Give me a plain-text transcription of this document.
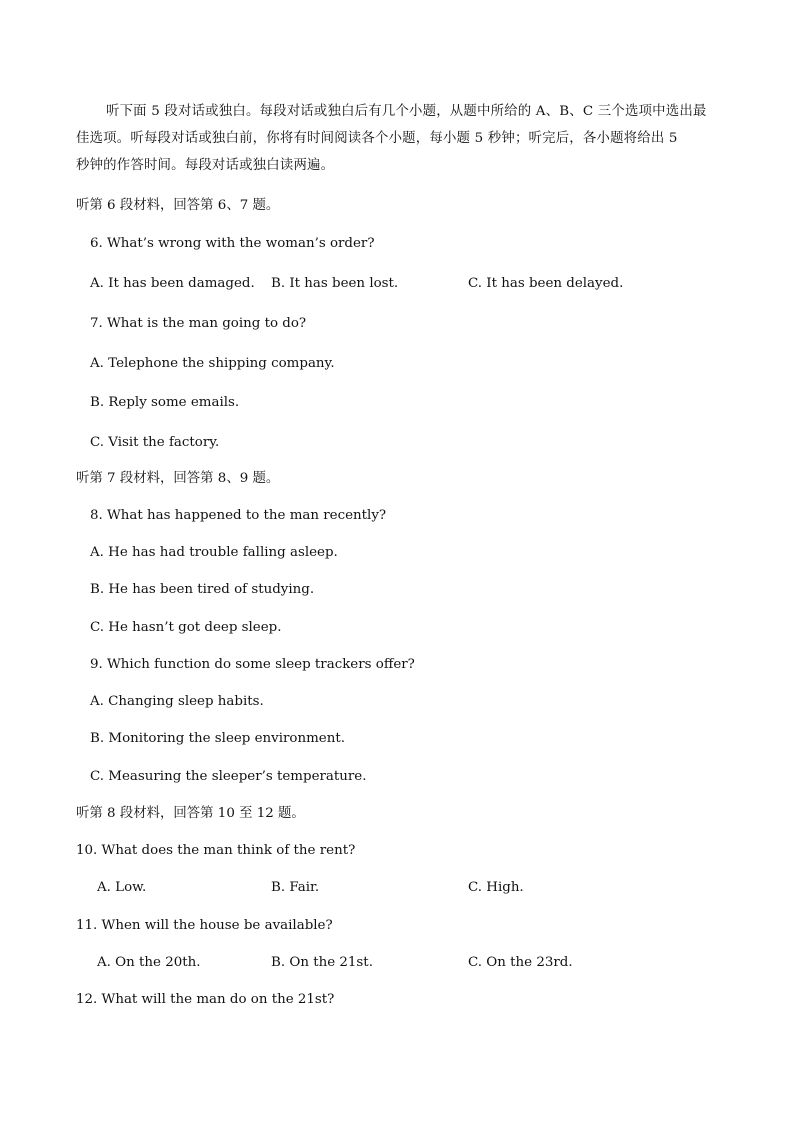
听下面 5 段对话或独白。每段对话或独白后有几个小题，从题中所给的 A、B、C 三个选项中选出最
佳选项。听每段对话或独白前，你将有时间阅读各个小题，每小题 5 秒钟；听完后，各小题将给出 5
秒钟的作答时间。每段对话或独白读两遍。
听第 6 段材料，回答第 6、7 题。
6. What’s wrong with the woman’s order?
A. It has been damaged. B. It has been lost.	C. It has been delayed.
7. What is the man going to do?
A. Telephone the shipping company.
B. Reply some emails.
C. Visit the factory.
听第 7 段材料，回答第 8、9 题。
8. What has happened to the man recently?
A. He has had trouble falling asleep.
B. He has been tired of studying.
C. He hasn’t got deep sleep.
9. Which function do some sleep trackers offer?
A. Changing sleep habits.
B. Monitoring the sleep environment.
C. Measuring the sleeper’s temperature.
听第 8 段材料，回答第 10 至 12 题。
10. What does the man think of the rent?
A. Low.	B. Fair.	C. High.
11. When will the house be available?
A. On the 20th.	B. On the 21st.	C. On the 23rd.
12. What will the man do on the 21st?
